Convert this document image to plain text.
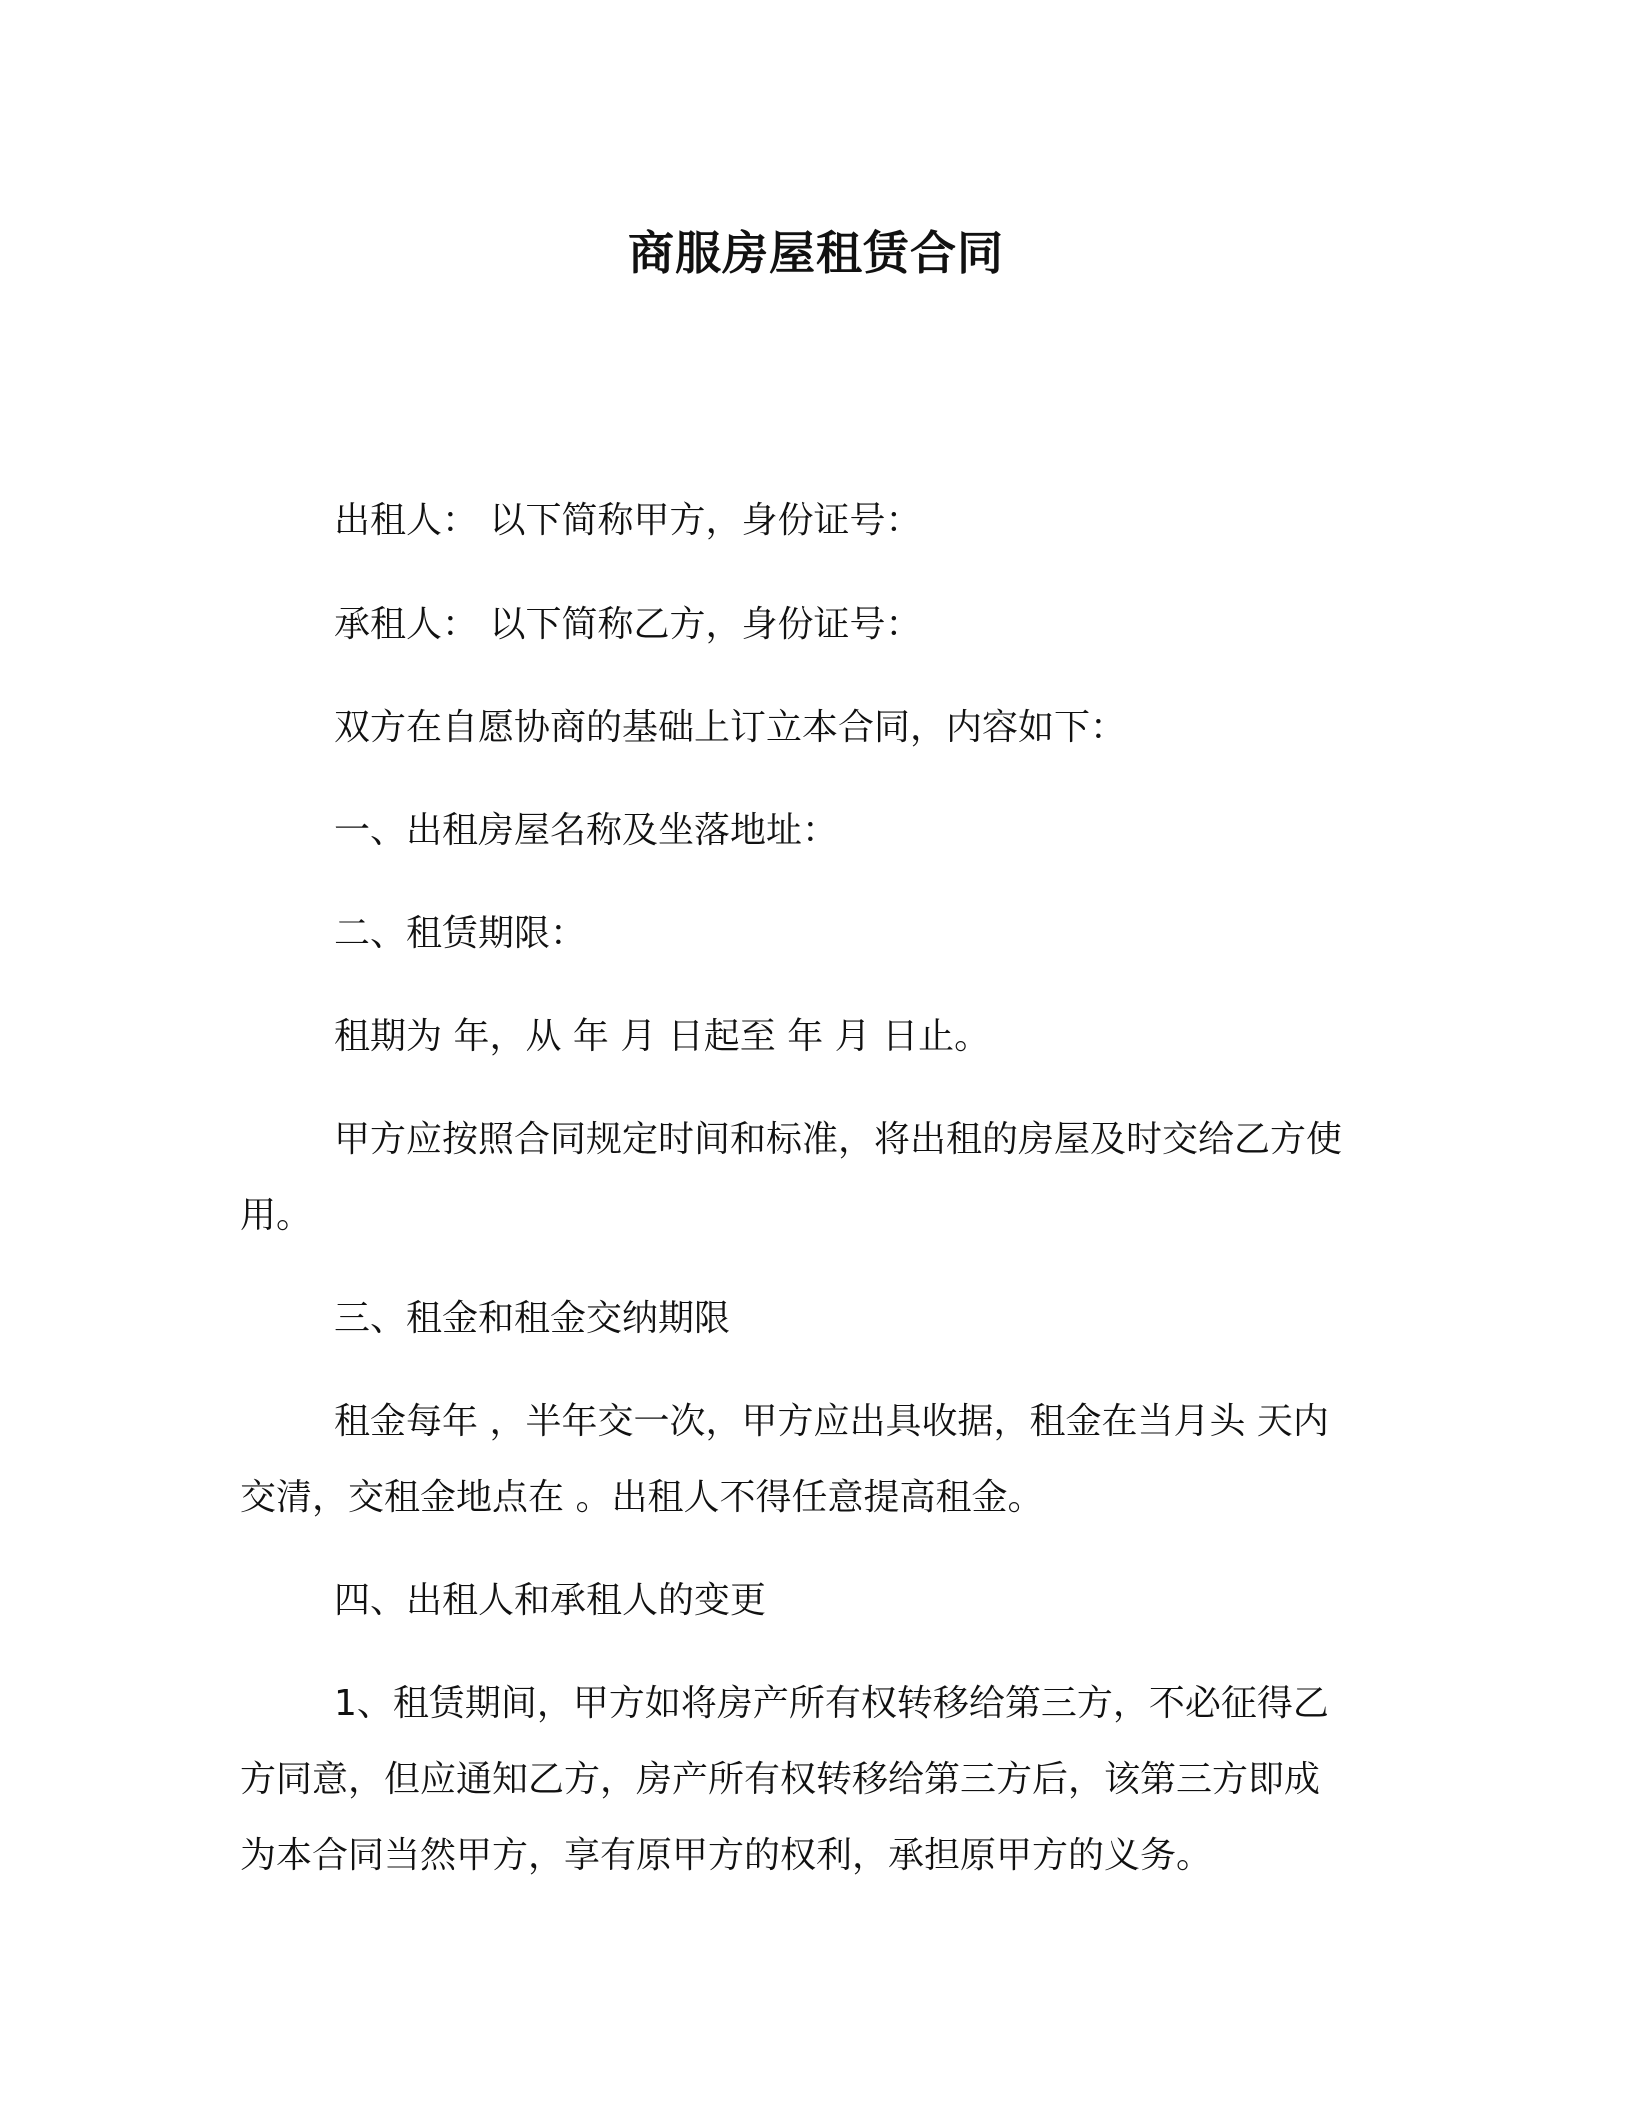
商服房屋租赁合同
出租人： 以下简称甲方，身份证号：
承租人： 以下简称乙方，身份证号：
双方在自愿协商的基础上订立本合同，内容如下：
一、出租房屋名称及坐落地址：
二、租赁期限：
租期为 年，从 年 月 日起至 年 月 日止。
甲方应按照合同规定时间和标准，将出租的房屋及时交给乙方使
用。
三、租金和租金交纳期限
租金每年 ，半年交一次，甲方应出具收据，租金在当月头 天内
交清，交租金地点在 。出租人不得任意提高租金。
四、出租人和承租人的变更
1、租赁期间，甲方如将房产所有权转移给第三方，不必征得乙
方同意，但应通知乙方，房产所有权转移给第三方后，该第三方即成
为本合同当然甲方，享有原甲方的权利，承担原甲方的义务。
